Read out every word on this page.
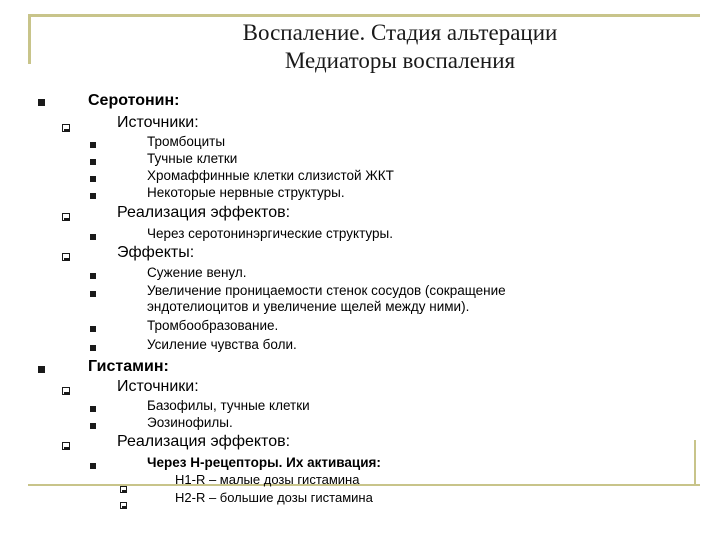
Воспаление. Стадия альтерации
Медиаторы воспаления
Серотонин:
Источники:
Тромбоциты
Тучные клетки
Хромаффинные клетки слизистой ЖКТ
Некоторые нервные структуры.
Реализация эффектов:
Через серотонинэргические структуры.
Эффекты:
Сужение венул.
Увеличение проницаемости стенок сосудов (сокращение
эндотелиоцитов и увеличение щелей между ними).
Тромбообразование.
Усиление чувства боли.
Гистамин:
Источники:
Базофилы, тучные клетки
Эозинофилы.
Реализация эффектов:
Через Н-рецепторы. Их активация:
Н1-R – малые дозы гистамина
Н2-R – большие дозы гистамина
